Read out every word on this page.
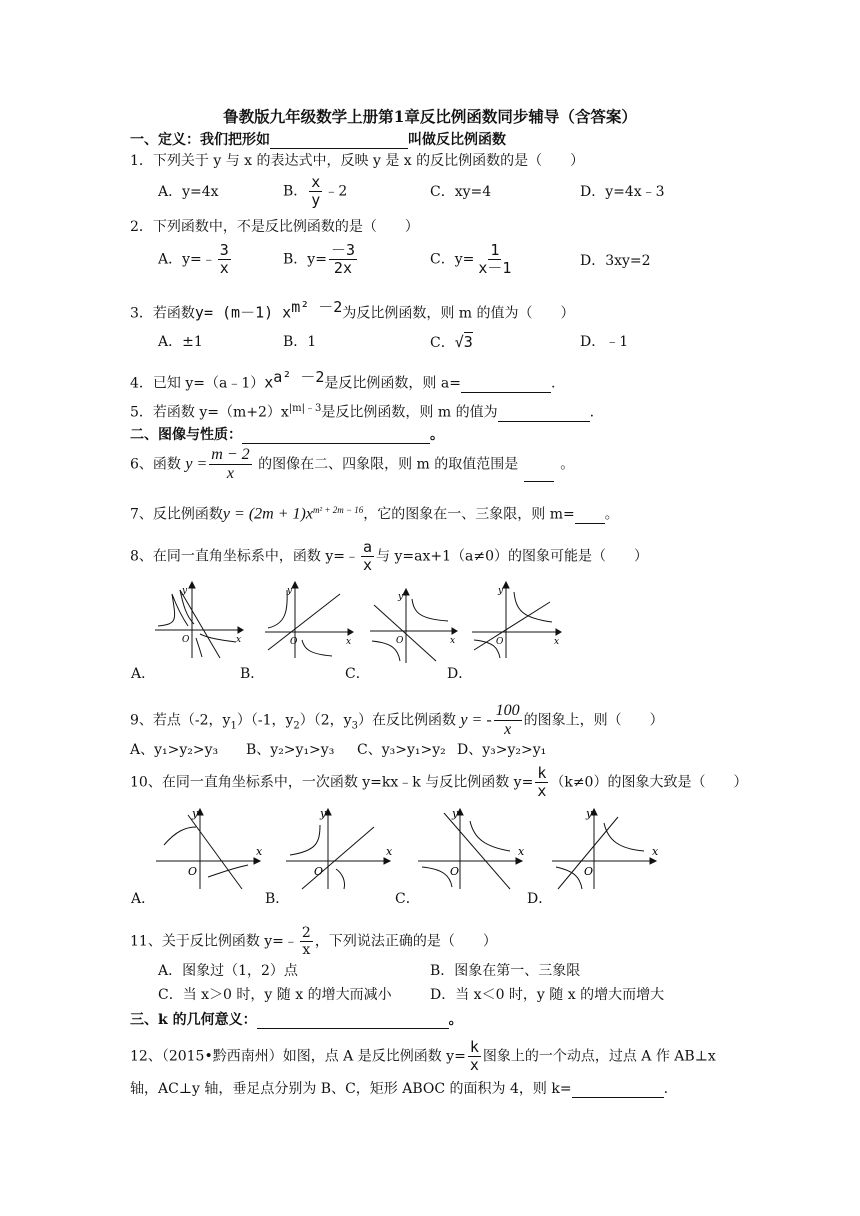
鲁教版九年级数学上册第1章反比例函数同步辅导（含答案）
一、定义：我们把形如	叫做反比例函数
1．下列关于 y 与 x 的表达式中，反映 y 是 x 的反比例函数的是（　　）
A．y=4x	B． $\frac{x}{y}$ ﹣2	C．xy=4	D．y=4x﹣3
2．下列函数中，不是反比例函数的是（　　）
A．y=﹣ $\frac{3}{x}$	B．$y= \frac{-3}{2x}$	C．$y= \frac{1}{x-1}$	D．3xy=2
3．若函数y= (m－1) $x^{m^2 -2}$为反比例函数，则 m 的值为（　　）
A．±1	B．1	C．√3	D．﹣1
4．已知 $y=(a﹣1)x^{a^2 -2}$是反比例函数，则 a=	.
5．若函数 $y=(m+2)x^{|m|﹣3}$是反比例函数，则 m 的值为	.
二、图像与性质：	。
6、函数 $y = \frac{m - 2}{x}$ 的图像在二、四象限，则 m 的取值范围是	。
7、反比例函数$y = (2m + 1)x^{m^2 + 2m - 16}$，它的图象在一、三象限，则 m= 。
8、在同一直角坐标系中，函数 y=﹣ $\frac{a}{x}$ 与 y=ax+1（a≠0）的图象可能是（　　）
y
x
O
y
x
O
y
x
O
y
x
O
A．	B．	C．	D．
9、若点（-2，$y_1)(-1$，$y_2)(2$，$y_3$）在反比例函数 y = - $\frac{100}{x}$ 的图象上，则（　　）
A、y₁>y₂>y₃ B、y₂>y₁>y₃ C、y₃>y₁>y₂ D、y₃>y₂>y₁
10、在同一直角坐标系中，一次函数 y=kx﹣k 与反比例函数 $y= \frac{k}{x} (k\ne 0)$的图象大致是（　　）
y
x
O
y
x
O
y
x
O
y
x
O
A．	B．	C．	D．
11、关于反比例函数 y=﹣ $\frac{2}{x}$ ，下列说法正确的是（　　）
A．图象过（1，2）点	B．图象在第一、三象限
C．当 x＞0 时，y 随 x 的增大而减小	D．当 x＜0 时，y 随 x 的增大而增大
三、k 的几何意义：	。
12、（2015•黔西南州）如图，点 A 是反比例函数 $y= \frac{k}{x}$ 图象上的一个动点，过点 A 作 AB⊥x
轴，AC⊥y 轴，垂足点分别为 B、C，矩形 ABOC 的面积为 4，则 k=	.
